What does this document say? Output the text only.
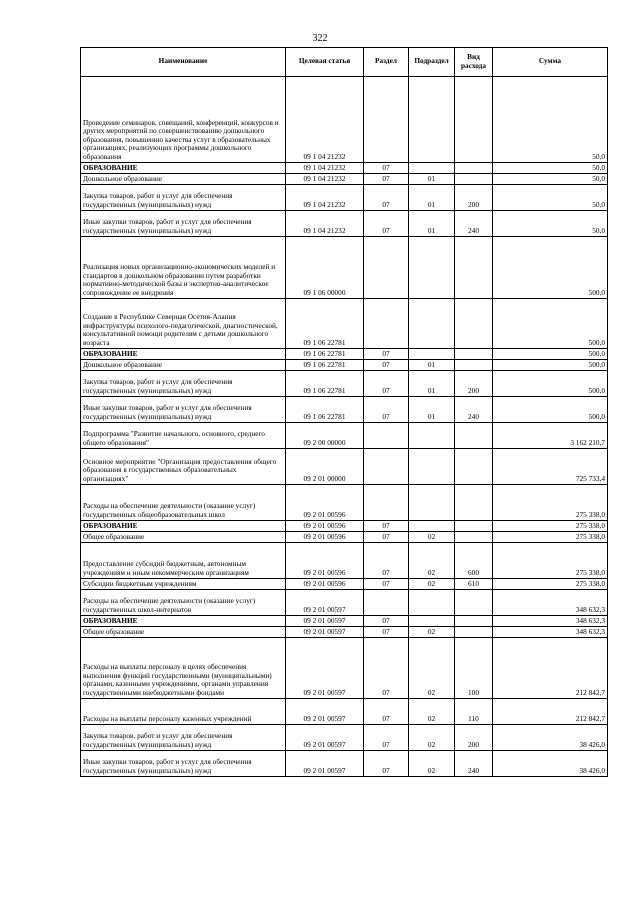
322
Наименование	Целевая статья	Раздел	Подраздел	Вид расхода	Сумма
Проведение семинаров, совещаний, конференций, конкурсов и других мероприятий по совершенствованию дошкольного образования, повышению качества услуг в образовательных организациях, реализующих программы дошкольного образования	09 1 04 21232				50,0
ОБРАЗОВАНИЕ	09 1 04 21232	07			50,0
Дошкольное образование	09 1 04 21232	07	01		50,0
Закупка товаров, работ и услуг для обеспечения государственных (муниципальных) нужд	09 1 04 21232	07	01	200	50,0
Иные закупки товаров, работ и услуг для обеспечения государственных (муниципальных) нужд	09 1 04 21232	07	01	240	50,0
Реализация новых организационно-экономических моделей и стандартов в дошкольном образовании путем разработки нормативно-методической базы и экспертно-аналитическое сопровождение ее внедрения	09 1 06 00000				500,0
Создание в Республике Северная Осетия-Алания инфраструктуры психолого-педагогической, диагностической, консультативной помощи родителям с детьми дошкольного возраста	09 1 06 22781				500,0
ОБРАЗОВАНИЕ	09 1 06 22781	07			500,0
Дошкольное образование	09 1 06 22781	07	01		500,0
Закупка товаров, работ и услуг для обеспечения государственных (муниципальных) нужд	09 1 06 22781	07	01	200	500,0
Иные закупки товаров, работ и услуг для обеспечения государственных (муниципальных) нужд	09 1 06 22781	07	01	240	500,0
Подпрограмма "Развитие начального, основного, среднего общего образования"	09 2 00 00000				3 162 210,7
Основное мероприятие "Организация предоставления общего образования в государственных образовательных организациях"	09 2 01 00000				725 733,4
Расходы на обеспечение деятельности (оказание услуг) государственных общеобразовательных школ	09 2 01 00596				275 338,0
ОБРАЗОВАНИЕ	09 2 01 00596	07			275 338,0
Общее образование	09 2 01 00596	07	02		275 338,0
Предоставление субсидий бюджетным, автономным учреждениям и иным некоммерческим организациям	09 2 01 00596	07	02	600	275 338,0
Субсидии бюджетным учреждениям	09 2 01 00596	07	02	610	275 338,0
Расходы на обеспечение деятельности (оказание услуг) государственных школ-интернатов	09 2 01 00597				348 632,3
ОБРАЗОВАНИЕ	09 2 01 00597	07			348 632,3
Общее образование	09 2 01 00597	07	02		348 632,3
Расходы на выплаты персоналу в целях обеспечения выполнения функций государственными (муниципальными) органами, казенными учреждениями, органами управления государственными внебюджетными фондами	09 2 01 00597	07	02	100	212 842,7
Расходы на выплаты персоналу казенных учреждений	09 2 01 00597	07	02	110	212 842,7
Закупка товаров, работ и услуг для обеспечения государственных (муниципальных) нужд	09 2 01 00597	07	02	200	38 426,0
Иные закупки товаров, работ и услуг для обеспечения государственных (муниципальных) нужд	09 2 01 00597	07	02	240	38 426,0
